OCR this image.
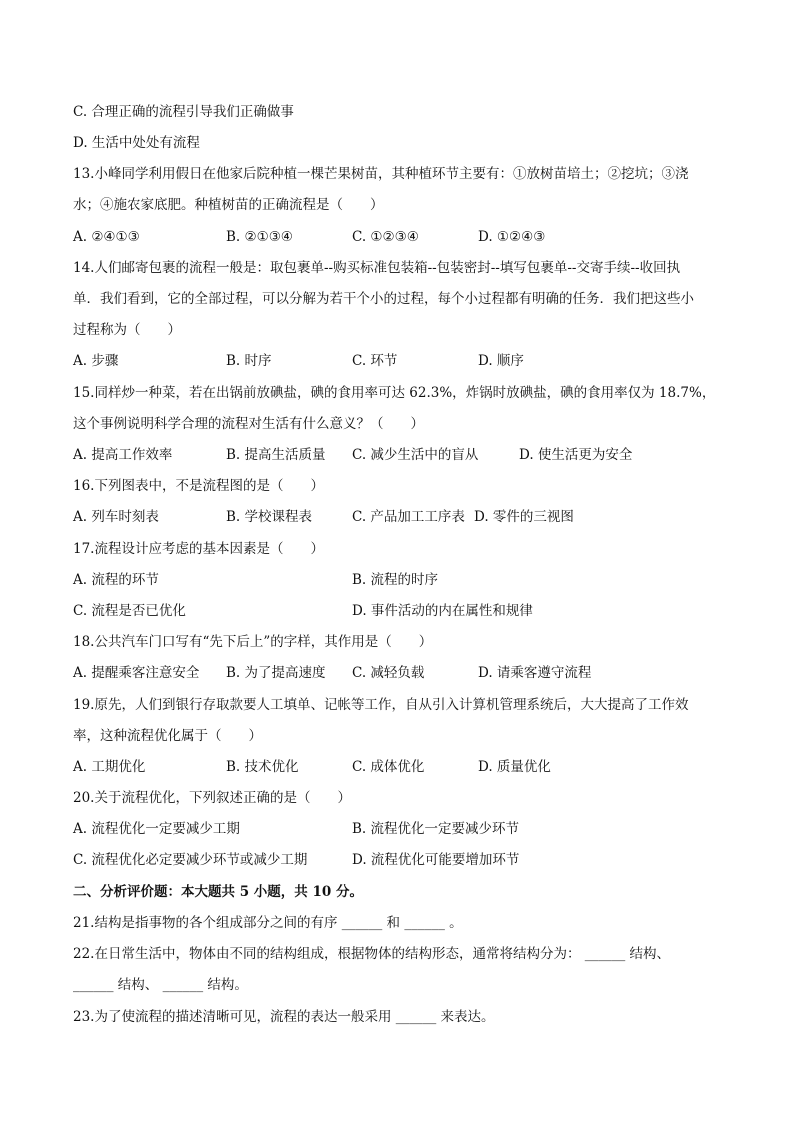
C. 合理正确的流程引导我们正确做事
D. 生活中处处有流程
13.小峰同学利用假日在他家后院种植一棵芒果树苗，其种植环节主要有：①放树苗培土；②挖坑；③浇
水；④施农家底肥。种植树苗的正确流程是（　　）
A. ②④①③	B. ②①③④	C. ①②③④	D. ①②④③
14.人们邮寄包裹的流程一般是：取包裹单--购买标准包装箱--包装密封--填写包裹单--交寄手续--收回执
单．我们看到，它的全部过程，可以分解为若干个小的过程，每个小过程都有明确的任务．我们把这些小
过程称为（　　）
A. 步骤	B. 时序	C. 环节	D. 顺序
15.同样炒一种菜，若在出锅前放碘盐，碘的食用率可达 62.3%，炸锅时放碘盐，碘的食用率仅为 18.7%，
这个事例说明科学合理的流程对生活有什么意义？（　　）
A. 提高工作效率	B. 提高生活质量 C. 减少生活中的盲从	D. 使生活更为安全
16.下列图表中，不是流程图的是（　　）
A. 列车时刻表	B. 学校课程表	C. 产品加工工序表 D. 零件的三视图
17.流程设计应考虑的基本因素是（　　）
A. 流程的环节	B. 流程的时序
C. 流程是否已优化	D. 事件活动的内在属性和规律
18.公共汽车门口写有“先下后上”的字样，其作用是（　　）
A. 提醒乘客注意安全 B. 为了提高速度 C. 减轻负载	D. 请乘客遵守流程
19.原先，人们到银行存取款要人工填单、记帐等工作，自从引入计算机管理系统后，大大提高了工作效
率，这种流程优化属于（　　）
A. 工期优化	B. 技术优化	C. 成体优化	D. 质量优化
20.关于流程优化，下列叙述正确的是（　　）
A. 流程优化一定要减少工期	B. 流程优化一定要减少环节
C. 流程优化必定要减少环节或减少工期	D. 流程优化可能要增加环节
二、分析评价题：本大题共 5 小题，共 10 分。
21.结构是指事物的各个组成部分之间的有序 ______ 和 ______ 。
22.在日常生活中，物体由不同的结构组成，根据物体的结构形态，通常将结构分为： ______ 结构、
______ 结构、 ______ 结构。
23.为了使流程的描述清晰可见，流程的表达一般采用 ______ 来表达。
